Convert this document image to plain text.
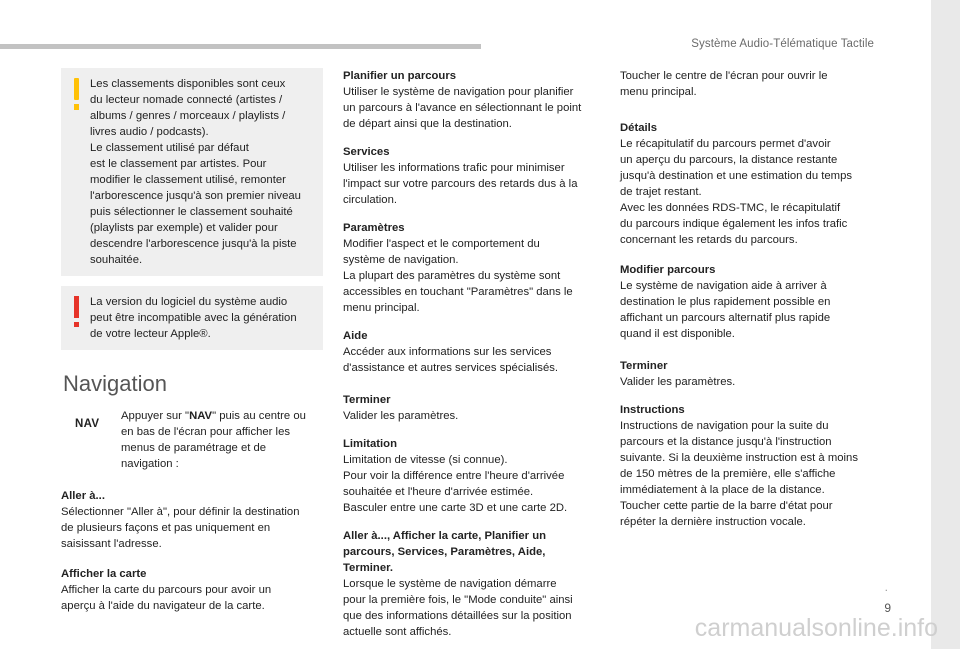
Système Audio-Télématique Tactile

Les classements disponibles sont ceux
du lecteur nomade connecté (artistes /
albums / genres / morceaux / playlists /
livres audio / podcasts).
Le classement utilisé par défaut
est le classement par artistes. Pour
modifier le classement utilisé, remonter
l'arborescence jusqu'à son premier niveau
puis sélectionner le classement souhaité
(playlists par exemple) et valider pour
descendre l'arborescence jusqu'à la piste
souhaitée.

La version du logiciel du système audio
peut être incompatible avec la génération
de votre lecteur Apple®.

Navigation
NAV
Appuyer sur "NAV" puis au centre ou en bas de l'écran pour afficher les menus de paramétrage et de navigation :
Aller à...
Sélectionner "Aller à", pour définir la destination
de plusieurs façons et pas uniquement en
saisissant l'adresse.
Afficher la carte
Afficher la carte du parcours pour avoir un
aperçu à l'aide du navigateur de la carte.
Planifier un parcours
Utiliser le système de navigation pour planifier
un parcours à l'avance en sélectionnant le point
de départ ainsi que la destination.
Services
Utiliser les informations trafic pour minimiser
l'impact sur votre parcours des retards dus à la
circulation.
Paramètres
Modifier l'aspect et le comportement du
système de navigation.
La plupart des paramètres du système sont
accessibles en touchant "Paramètres" dans le
menu principal.
Aide
Accéder aux informations sur les services
d'assistance et autres services spécialisés.
Terminer
Valider les paramètres.
Limitation
Limitation de vitesse (si connue).
Pour voir la différence entre l'heure d'arrivée
souhaitée et l'heure d'arrivée estimée.
Basculer entre une carte 3D et une carte 2D.
Aller à..., Afficher la carte, Planifier un
parcours, Services, Paramètres, Aide,
Terminer.
Lorsque le système de navigation démarre
pour la première fois, le "Mode conduite" ainsi
que des informations détaillées sur la position
actuelle sont affichés.
Toucher le centre de l'écran pour ouvrir le
menu principal.
Détails
Le récapitulatif du parcours permet d'avoir
un aperçu du parcours, la distance restante
jusqu'à destination et une estimation du temps
de trajet restant.
Avec les données RDS-TMC, le récapitulatif
du parcours indique également les infos trafic
concernant les retards du parcours.
Modifier parcours
Le système de navigation aide à arriver à
destination le plus rapidement possible en
affichant un parcours alternatif plus rapide
quand il est disponible.
Terminer
Valider les paramètres.
Instructions
Instructions de navigation pour la suite du
parcours et la distance jusqu'à l'instruction
suivante. Si la deuxième instruction est à moins
de 150 mètres de la première, elle s'affiche
immédiatement à la place de la distance.
Toucher cette partie de la barre d'état pour
répéter la dernière instruction vocale.
.
9
carmanualsonline.info
